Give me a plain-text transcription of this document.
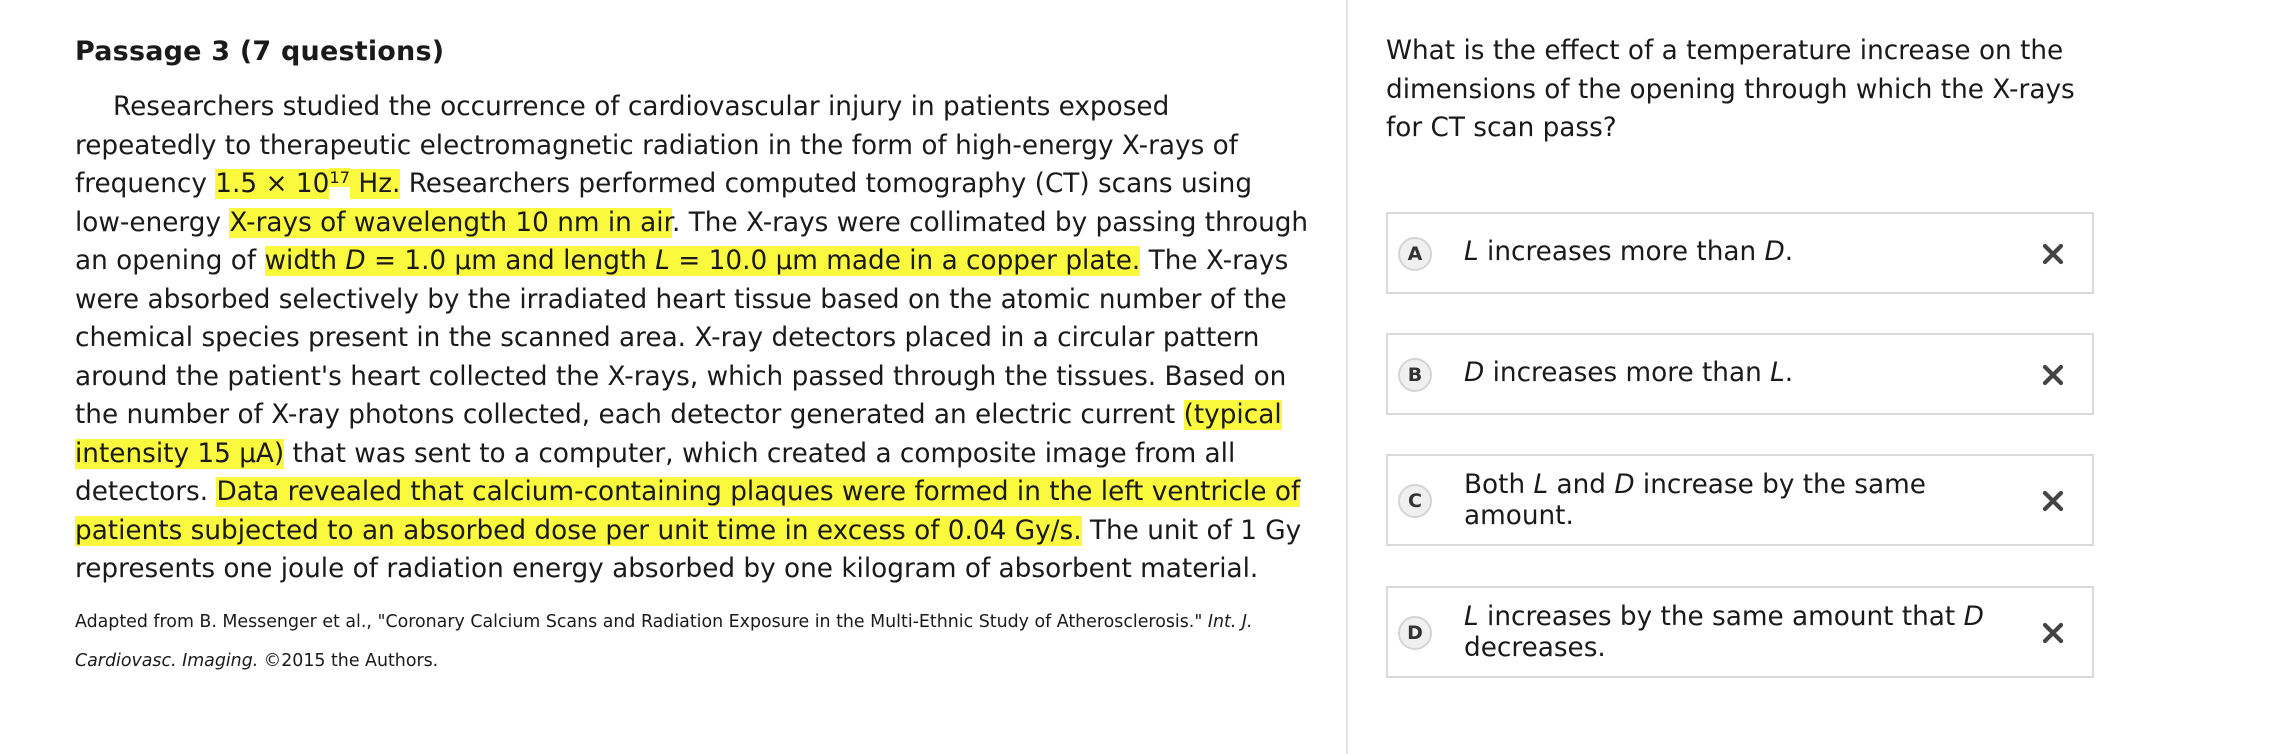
Passage 3 (7 questions)

Researchers studied the occurrence of cardiovascular injury in patients exposed repeatedly to therapeutic electromagnetic radiation in the form of high-energy X-rays of frequency $1.5 \times 10^{17}$ Hz. Researchers performed computed tomography (CT) scans using low-energy X-rays of wavelength 10 nm in air. The X-rays were collimated by passing through an opening of width D = 1.0 µm and length L = 10.0 µm made in a copper plate. The X-rays were absorbed selectively by the irradiated heart tissue based on the atomic number of the chemical species present in the scanned area. X-ray detectors placed in a circular pattern around the patient's heart collected the X-rays, which passed through the tissues. Based on the number of X-ray photons collected, each detector generated an electric current (typical intensity 15 µA) that was sent to a computer, which created a composite image from all detectors. Data revealed that calcium-containing plaques were formed in the left ventricle of patients subjected to an absorbed dose per unit time in excess of 0.04 Gy/s. The unit of 1 Gy represents one joule of radiation energy absorbed by one kilogram of absorbent material.

Adapted from B. Messenger et al., "Coronary Calcium Scans and Radiation Exposure in the Multi-Ethnic Study of Atherosclerosis." Int. J. Cardiovasc. Imaging. ©2015 the Authors.

What is the effect of a temperature increase on the dimensions of the opening through which the X-rays for CT scan pass?

A	L increases more than D.
B	D increases more than L.
C
Both L and D increase by the same amount.
D
L increases by the same amount that D decreases.
